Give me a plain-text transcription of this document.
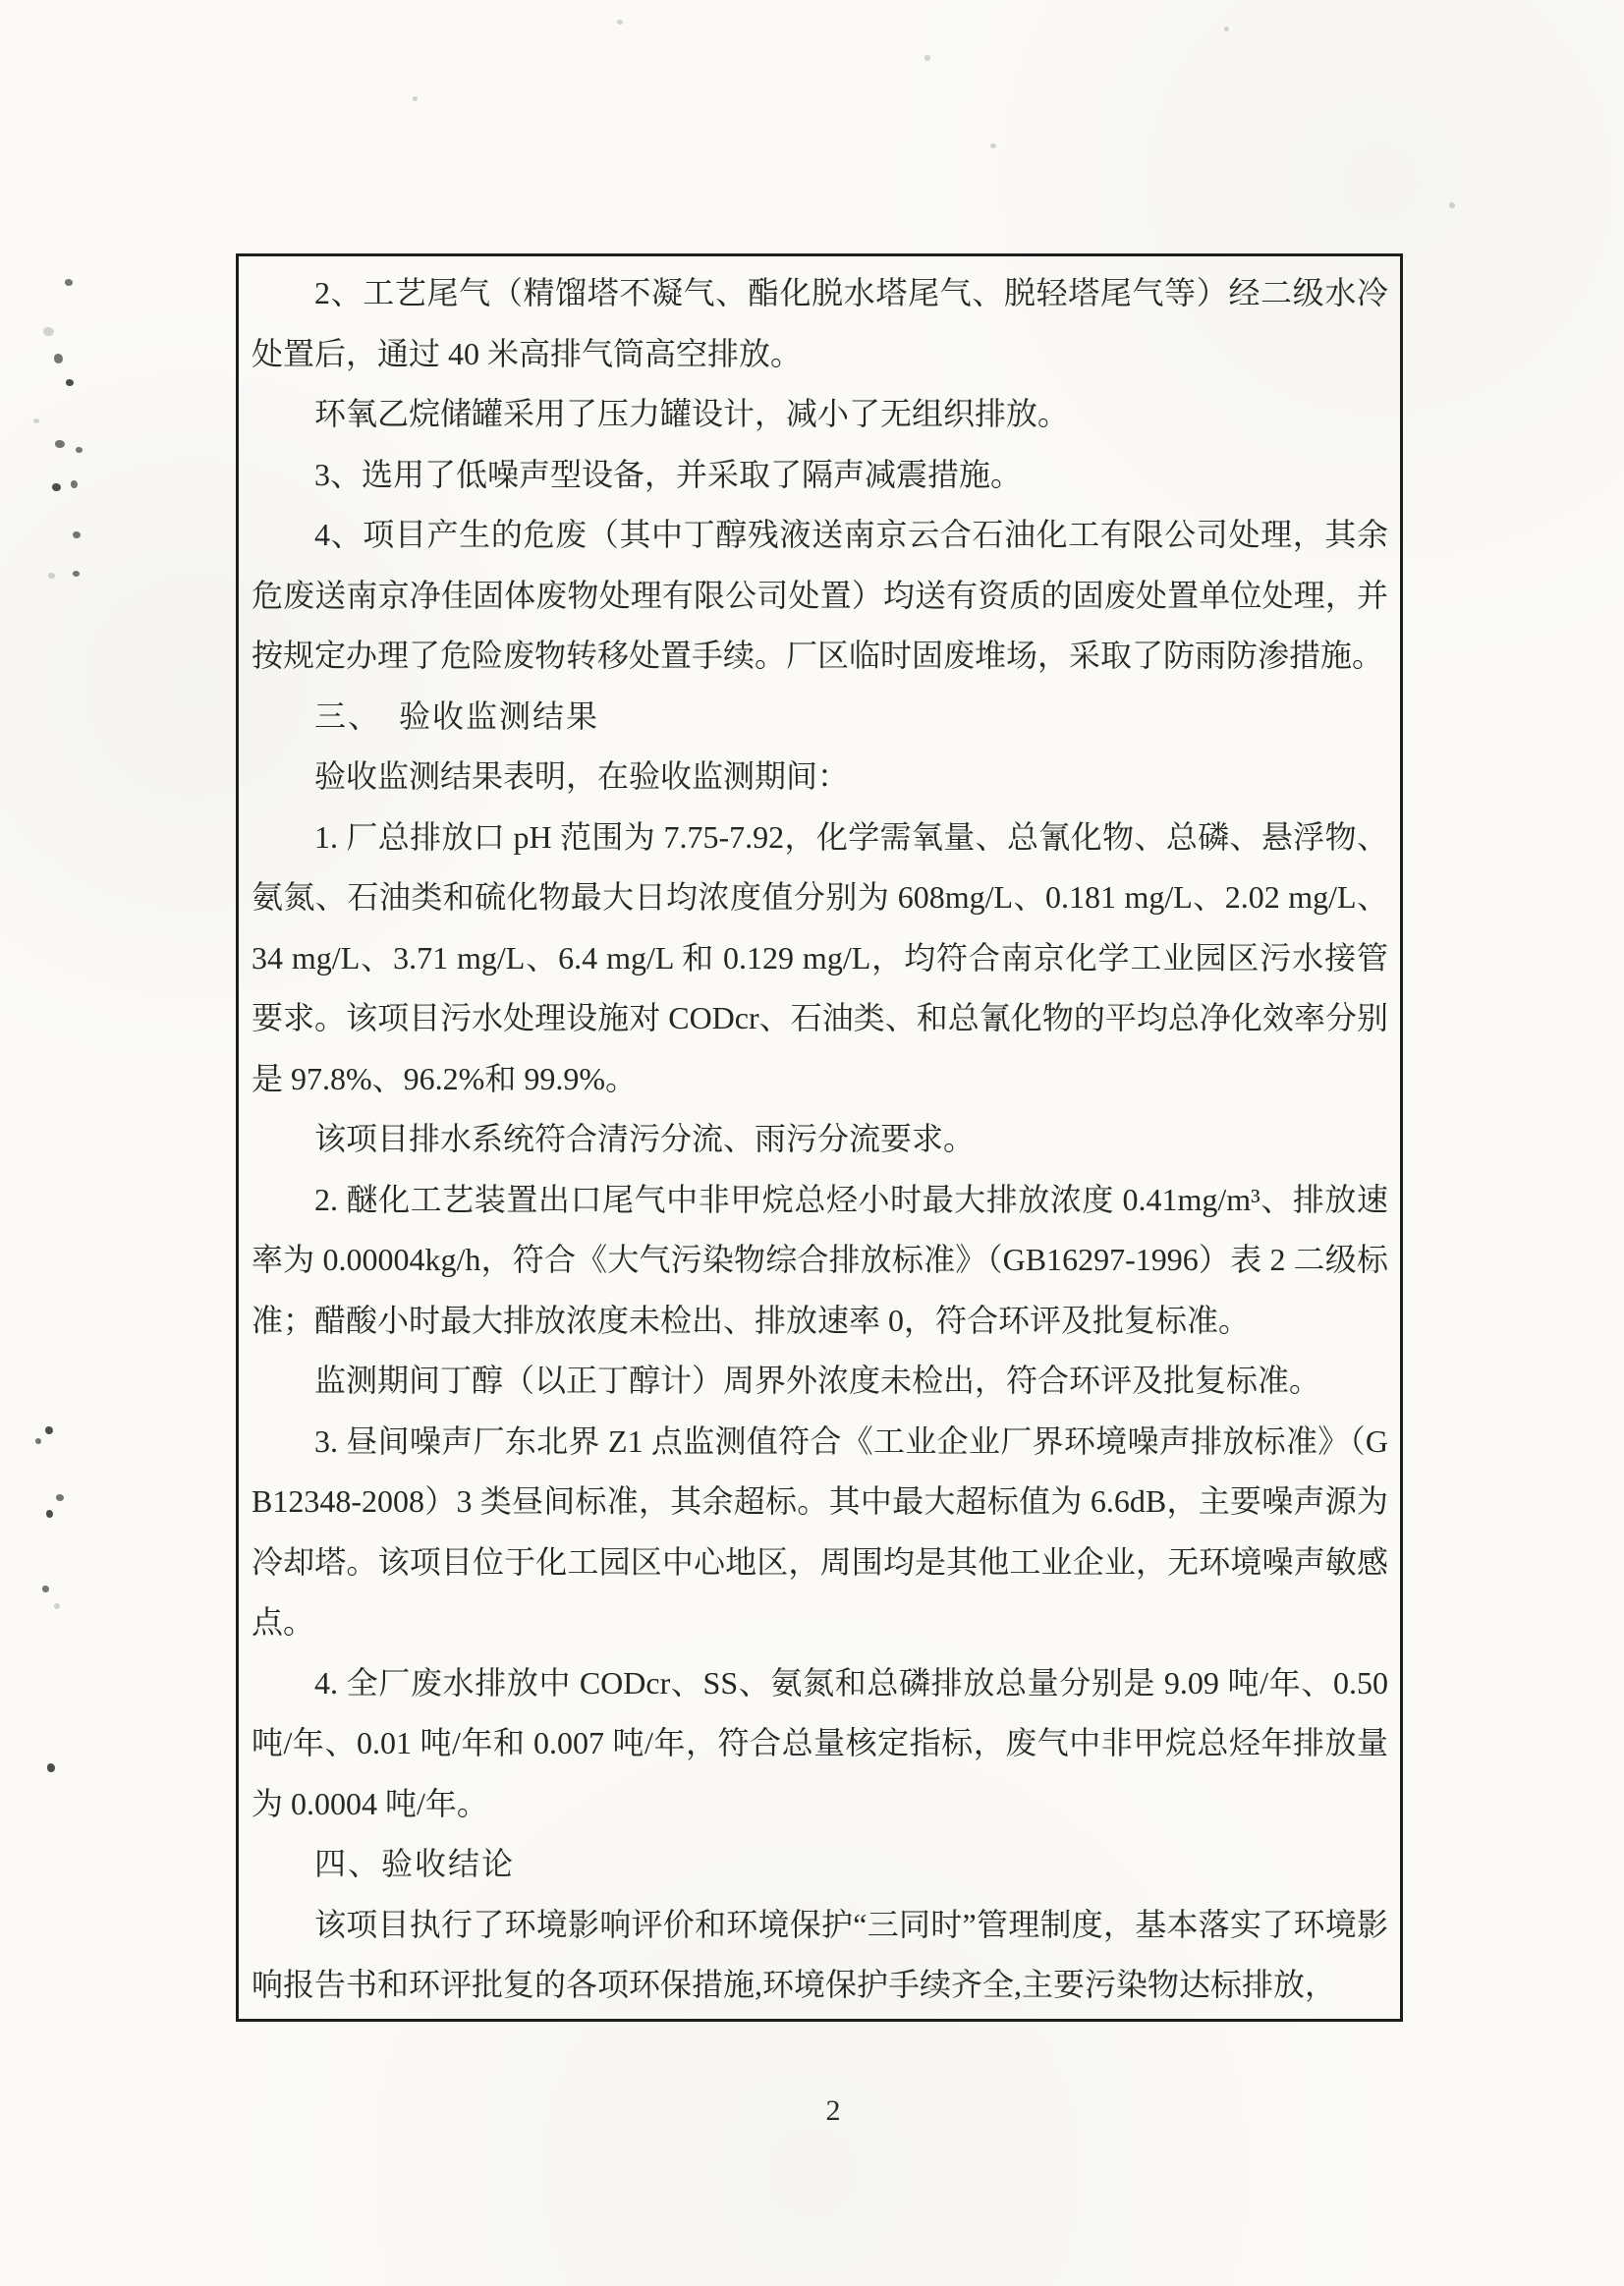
2、工艺尾气（精馏塔不凝气、酯化脱水塔尾气、脱轻塔尾气等）经二级水冷处置后，通过 40 米高排气筒高空排放。

环氧乙烷储罐采用了压力罐设计，减小了无组织排放。

3、选用了低噪声型设备，并采取了隔声减震措施。

4、项目产生的危废（其中丁醇残液送南京云合石油化工有限公司处理，其余危废送南京净佳固体废物处理有限公司处置）均送有资质的固废处置单位处理，并按规定办理了危险废物转移处置手续。厂区临时固废堆场，采取了防雨防渗措施。

三、　验收监测结果

验收监测结果表明，在验收监测期间：

1. 厂总排放口 pH 范围为 7.75-7.92，化学需氧量、总氰化物、总磷、悬浮物、氨氮、石油类和硫化物最大日均浓度值分别为 608mg/L、0.181 mg/L、2.02 mg/L、34 mg/L、3.71 mg/L、6.4 mg/L 和 0.129 mg/L，均符合南京化学工业园区污水接管要求。该项目污水处理设施对 CODcr、石油类、和总氰化物的平均总净化效率分别是 97.8%、96.2%和 99.9%。

该项目排水系统符合清污分流、雨污分流要求。

2. 醚化工艺装置出口尾气中非甲烷总烃小时最大排放浓度 0.41mg/m³、排放速率为 0.00004kg/h，符合《大气污染物综合排放标准》（GB16297-1996）表 2 二级标准；醋酸小时最大排放浓度未检出、排放速率 0，符合环评及批复标准。

监测期间丁醇（以正丁醇计）周界外浓度未检出，符合环评及批复标准。

3. 昼间噪声厂东北界 Z1 点监测值符合《工业企业厂界环境噪声排放标准》（GB12348-2008）3 类昼间标准，其余超标。其中最大超标值为 6.6dB，主要噪声源为冷却塔。该项目位于化工园区中心地区，周围均是其他工业企业，无环境噪声敏感点。

4. 全厂废水排放中 CODcr、SS、氨氮和总磷排放总量分别是 9.09 吨/年、0.50 吨/年、0.01 吨/年和 0.007 吨/年，符合总量核定指标，废气中非甲烷总烃年排放量为 0.0004 吨/年。

四、验收结论

该项目执行了环境影响评价和环境保护“三同时”管理制度，基本落实了环境影响报告书和环评批复的各项环保措施,环境保护手续齐全,主要污染物达标排放，

2
